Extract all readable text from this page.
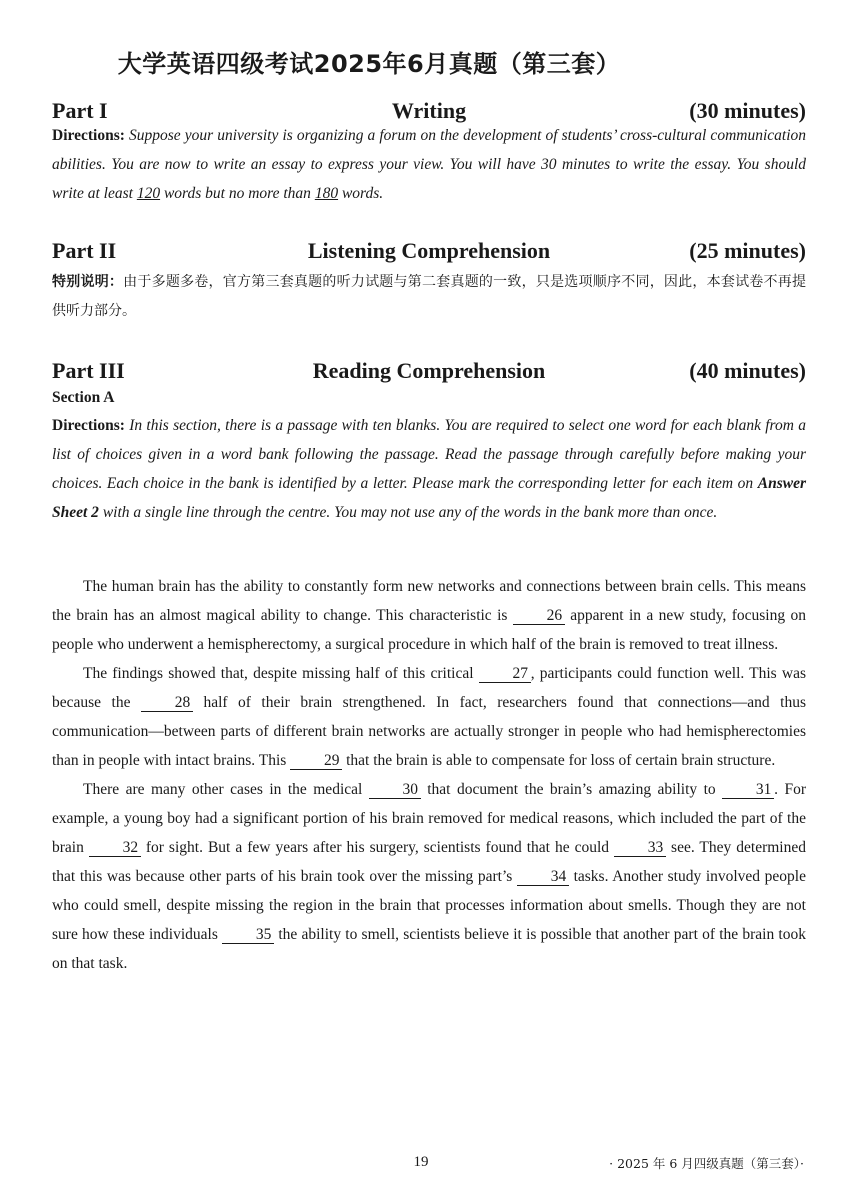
大学英语四级考试2025年6月真题（第三套）
Writing
Part I	(30 minutes)
Directions: Suppose your university is organizing a forum on the development of students’ cross-cultural communication abilities. You are now to write an essay to express your view. You will have 30 minutes to write the essay. You should write at least 120 words but no more than 180 words.
Listening Comprehension
Part II	(25 minutes)
特别说明：由于多题多卷，官方第三套真题的听力试题与第二套真题的一致，只是选项顺序不同，因此，本套试卷不再提供听力部分。
Reading Comprehension
Part III	(40 minutes)
Section A
Directions: In this section, there is a passage with ten blanks. You are required to select one word for each blank from a list of choices given in a word bank following the passage. Read the passage through carefully before making your choices. Each choice in the bank is identified by a letter. Please mark the corresponding letter for each item on Answer Sheet 2 with a single line through the centre. You may not use any of the words in the bank more than once.

The human brain has the ability to constantly form new networks and connections between brain cells. This means the brain has an almost magical ability to change. This characteristic is 26 apparent in a new study, focusing on people who underwent a hemispherectomy, a surgical procedure in which half of the brain is removed to treat illness.

The findings showed that, despite missing half of this critical 27 , participants could function well. This was because the 28 half of their brain strengthened. In fact, researchers found that connections—and thus communication—between parts of different brain networks are actually stronger in people who had hemispherectomies than in people with intact brains. This 29 that the brain is able to compensate for loss of certain brain structure.

There are many other cases in the medical 30 that document the brain’s amazing ability to 31 . For example, a young boy had a significant portion of his brain removed for medical reasons, which included the part of the brain 32 for sight. But a few years after his surgery, scientists found that he could 33 see. They determined that this was because other parts of his brain took over the missing part’s 34 tasks. Another study involved people who could smell, despite missing the region in the brain that processes information about smells. Though they are not sure how these individuals 35 the ability to smell, scientists believe it is possible that another part of the brain took on that task.

19	· 2025 年 6 月四级真题（第三套）·
